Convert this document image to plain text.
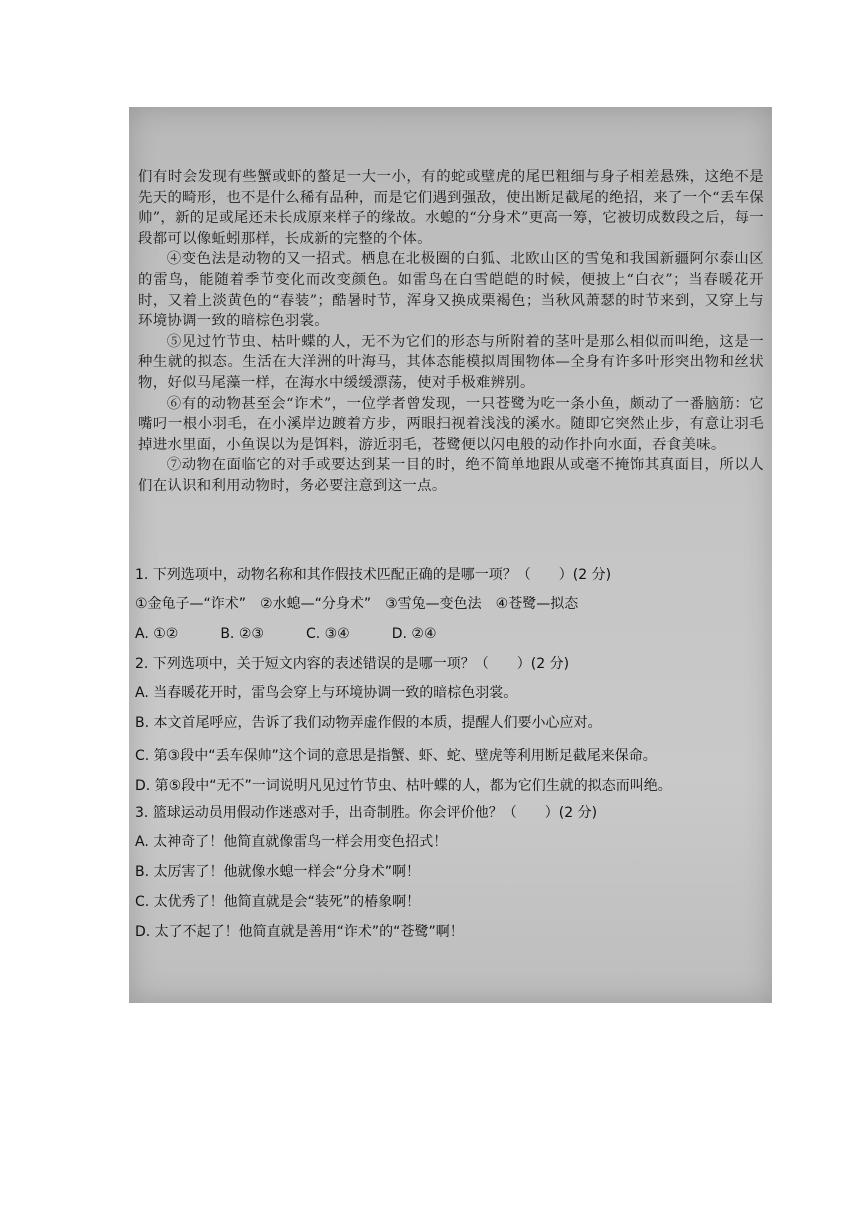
们有时会发现有些蟹或虾的螯足一大一小，有的蛇或壁虎的尾巴粗细与身子相差悬殊，这绝不是先天的畸形，也不是什么稀有品种，而是它们遇到强敌，使出断足截尾的绝招，来了一个“丢车保帅”，新的足或尾还未长成原来样子的缘故。水螅的“分身术”更高一筹，它被切成数段之后，每一段都可以像蚯蚓那样，长成新的完整的个体。

④变色法是动物的又一招式。栖息在北极圈的白狐、北欧山区的雪兔和我国新疆阿尔泰山区的雷鸟，能随着季节变化而改变颜色。如雷鸟在白雪皑皑的时候，便披上“白衣”；当春暖花开时，又着上淡黄色的“春装”；酷暑时节，浑身又换成栗褐色；当秋风萧瑟的时节来到，又穿上与环境协调一致的暗棕色羽裳。

⑤见过竹节虫、枯叶蝶的人，无不为它们的形态与所附着的茎叶是那么相似而叫绝，这是一种生就的拟态。生活在大洋洲的叶海马，其体态能模拟周围物体—全身有许多叶形突出物和丝状物，好似马尾藻一样，在海水中缓缓漂荡，使对手极难辨别。

⑥有的动物甚至会“诈术”，一位学者曾发现，一只苍鹭为吃一条小鱼，颇动了一番脑筋：它嘴叼一根小羽毛，在小溪岸边踱着方步，两眼扫视着浅浅的溪水。随即它突然止步，有意让羽毛掉进水里面，小鱼误以为是饵料，游近羽毛，苍鹭便以闪电般的动作扑向水面，吞食美味。

⑦动物在面临它的对手或要达到某一目的时，绝不简单地跟从或毫不掩饰其真面目，所以人们在认识和利用动物时，务必要注意到这一点。

1. 下列选项中，动物名称和其作假技术匹配正确的是哪一项？（　　）(2 分)

①金龟子—“诈术”　②水螅—“分身术”　③雪兔—变色法　④苍鹭—拟态

A. ①②　　　B. ②③　　　C. ③④　　　D. ②④

2. 下列选项中，关于短文内容的表述错误的是哪一项？（　　）(2 分)

A. 当春暖花开时，雷鸟会穿上与环境协调一致的暗棕色羽裳。

B. 本文首尾呼应，告诉了我们动物弄虚作假的本质，提醒人们要小心应对。

C. 第③段中“丢车保帅”这个词的意思是指蟹、虾、蛇、壁虎等利用断足截尾来保命。

D. 第⑤段中“无不”一词说明凡见过竹节虫、枯叶蝶的人，都为它们生就的拟态而叫绝。

3. 篮球运动员用假动作迷惑对手，出奇制胜。你会评价他？（　　）(2 分)

A. 太神奇了！他简直就像雷鸟一样会用变色招式！

B. 太厉害了！他就像水螅一样会“分身术”啊！

C. 太优秀了！他简直就是会“装死”的椿象啊！

D. 太了不起了！他简直就是善用“诈术”的“苍鹭”啊！
